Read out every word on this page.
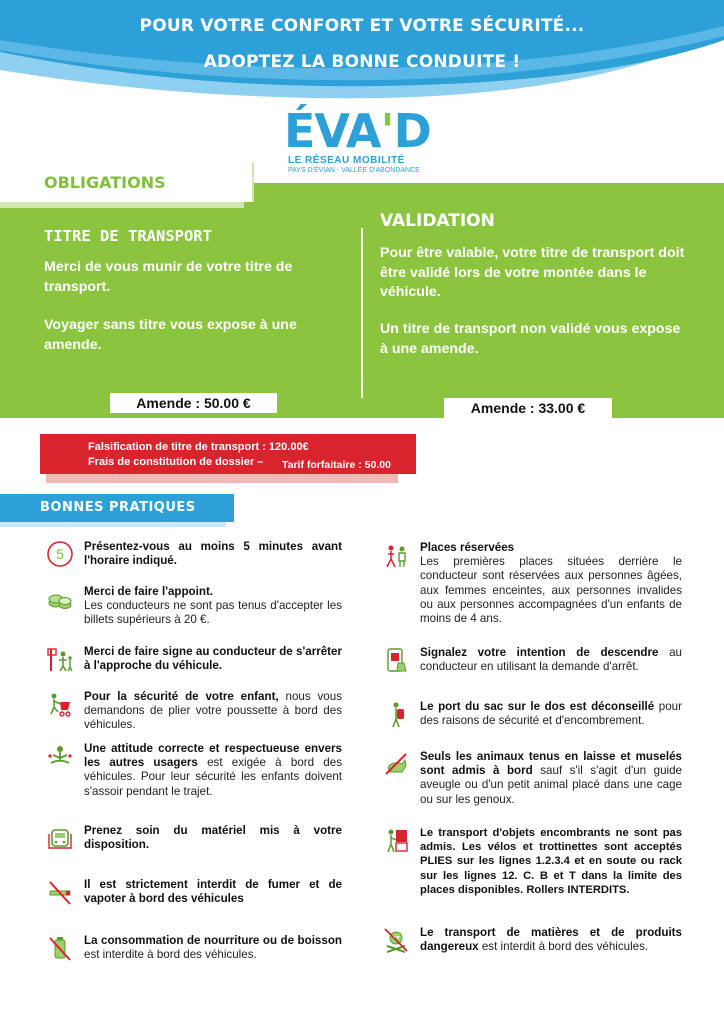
POUR VOTRE CONFORT ET VOTRE SÉCURITÉ...
ADOPTEZ LA BONNE CONDUITE !
ÉVA'D
LE RÉSEAU MOBILITÉ
PAYS D'ÉVIAN - VALLÉE D'ABONDANCE
OBLIGATIONS
TITRE DE TRANSPORT
Merci de vous munir de votre titre de transport.
Voyager sans titre vous expose à une amende.
Amende : 50.00 €
VALIDATION
Pour être valable, votre titre de transport doit être validé lors de votre montée dans le véhicule.
Un titre de transport non validé vous expose à une amende.
Amende : 33.00 €
Falsification de titre de transport : 120.00€
Frais de constitution de dossier – Tarif forfaitaire : 50.00
BONNES PRATIQUES
5 Présentez-vous au moins 5 minutes avant l'horaire indiqué.
Merci de faire l'appoint.
Les conducteurs ne sont pas tenus d'accepter les billets supérieurs à 20 €.
Merci de faire signe au conducteur de s'arrêter à l'approche du véhicule.
Pour la sécurité de votre enfant, nous vous demandons de plier votre poussette à bord des véhicules.
Une attitude correcte et respectueuse envers les autres usagers est exigée à bord des véhicules. Pour leur sécurité les enfants doivent s'assoir pendant le trajet.
Prenez soin du matériel mis à votre disposition.
Il est strictement interdit de fumer et de vapoter à bord des véhicules
La consommation de nourriture ou de boisson est interdite à bord des véhicules.
Places réservées
Les premières places situées derrière le conducteur sont réservées aux personnes âgées, aux femmes enceintes, aux personnes invalides ou aux personnes accompagnées d'un enfants de moins de 4 ans.
Signalez votre intention de descendre au conducteur en utilisant la demande d'arrêt.
Le port du sac sur le dos est déconseillé pour des raisons de sécurité et d'encombrement.
Seuls les animaux tenus en laisse et muselés sont admis à bord sauf s'il s'agit d'un guide aveugle ou d'un petit animal placé dans une cage ou sur les genoux.
Le transport d'objets encombrants ne sont pas admis. Les vélos et trottinettes sont acceptés PLIES sur les lignes 1.2.3.4 et en soute ou rack sur les lignes 12. C. B et T dans la limite des places disponibles. Rollers INTERDITS.
Le transport de matières et de produits dangereux est interdit à bord des véhicules.
